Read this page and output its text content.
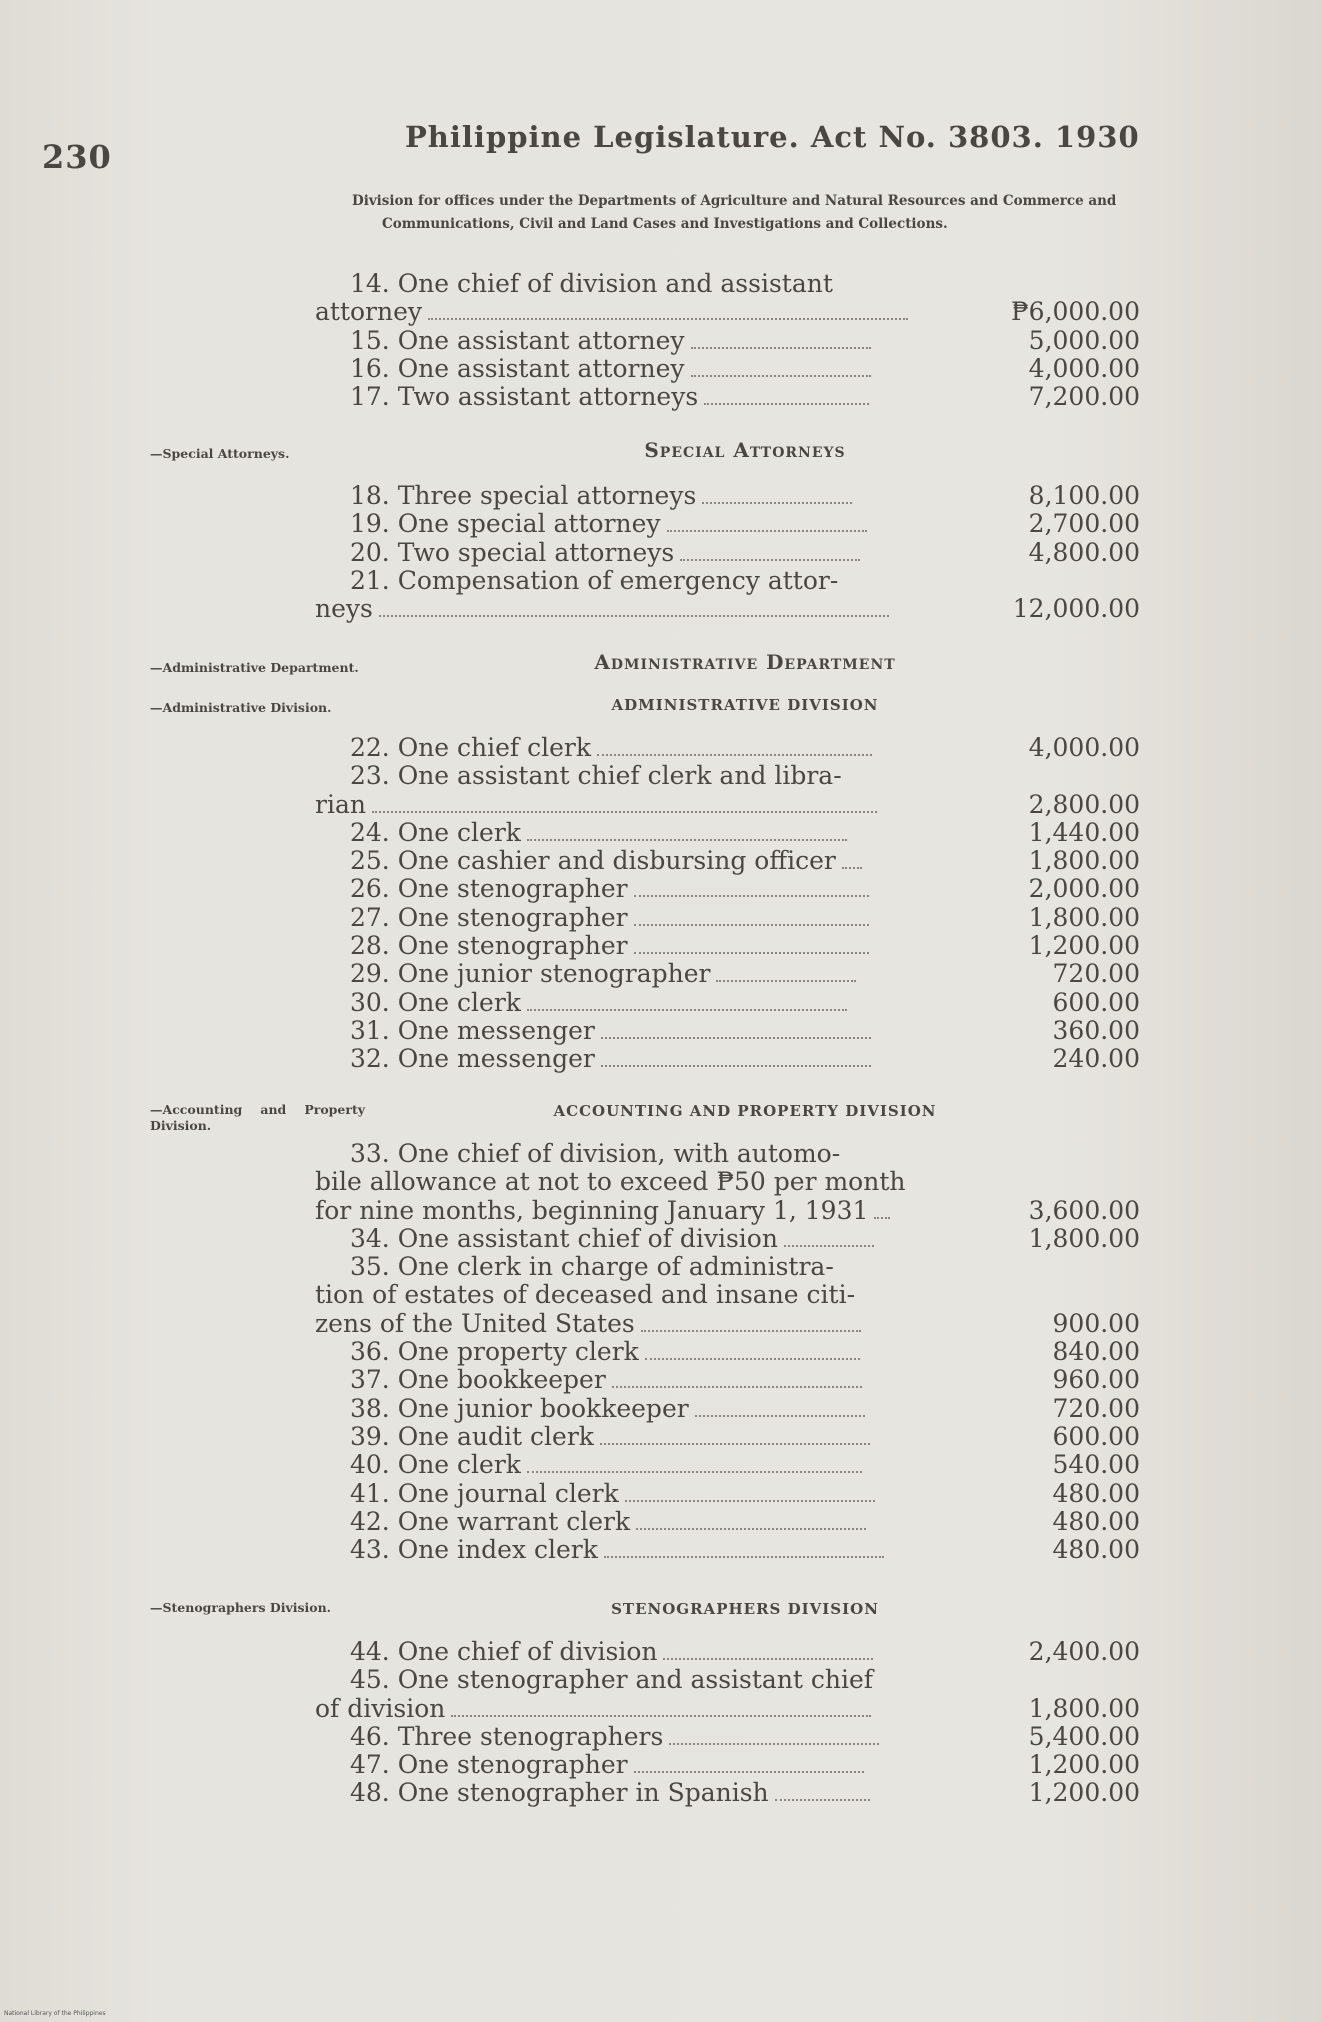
230
Philippine Legislature. Act No. 3803. 1930
Division for offices under the Departments of Agriculture and Natural Resources and Commerce and Communications, Civil and Land Cases and Investigations and Collections.
14. One chief of division and assistant
attorney	₱6,000.00
15. One assistant attorney	5,000.00
16. One assistant attorney	4,000.00
17. Two assistant attorneys	7,200.00
—Special Attorneys.	Special Attorneys
18. Three special attorneys	8,100.00
19. One special attorney	2,700.00
20. Two special attorneys	4,800.00
21. Compensation of emergency attor-
neys	12,000.00
—Administrative Department.
—Administrative Division.
Administrative Department
ADMINISTRATIVE DIVISION
22. One chief clerk	4,000.00
23. One assistant chief clerk and libra-
rian	2,800.00
24. One clerk	1,440.00
25. One cashier and disbursing officer	1,800.00
26. One stenographer	2,000.00
27. One stenographer	1,800.00
28. One stenographer	1,200.00
29. One junior stenographer	720.00
30. One clerk	600.00
31. One messenger	360.00
32. One messenger	240.00
—Accounting and Property Division.
ACCOUNTING AND PROPERTY DIVISION
33. One chief of division, with automo-
bile allowance at not to exceed ₱50 per month
for nine months, beginning January 1, 1931	3,600.00
34. One assistant chief of division	1,800.00
35. One clerk in charge of administra-
tion of estates of deceased and insane citi-
zens of the United States	900.00
36. One property clerk	840.00
37. One bookkeeper	960.00
38. One junior bookkeeper	720.00
39. One audit clerk	600.00
40. One clerk	540.00
41. One journal clerk	480.00
42. One warrant clerk	480.00
43. One index clerk	480.00
—Stenographers Division.	STENOGRAPHERS DIVISION
44. One chief of division	2,400.00
45. One stenographer and assistant chief
of division	1,800.00
46. Three stenographers	5,400.00
47. One stenographer	1,200.00
48. One stenographer in Spanish	1,200.00
National Library of the Philippines
